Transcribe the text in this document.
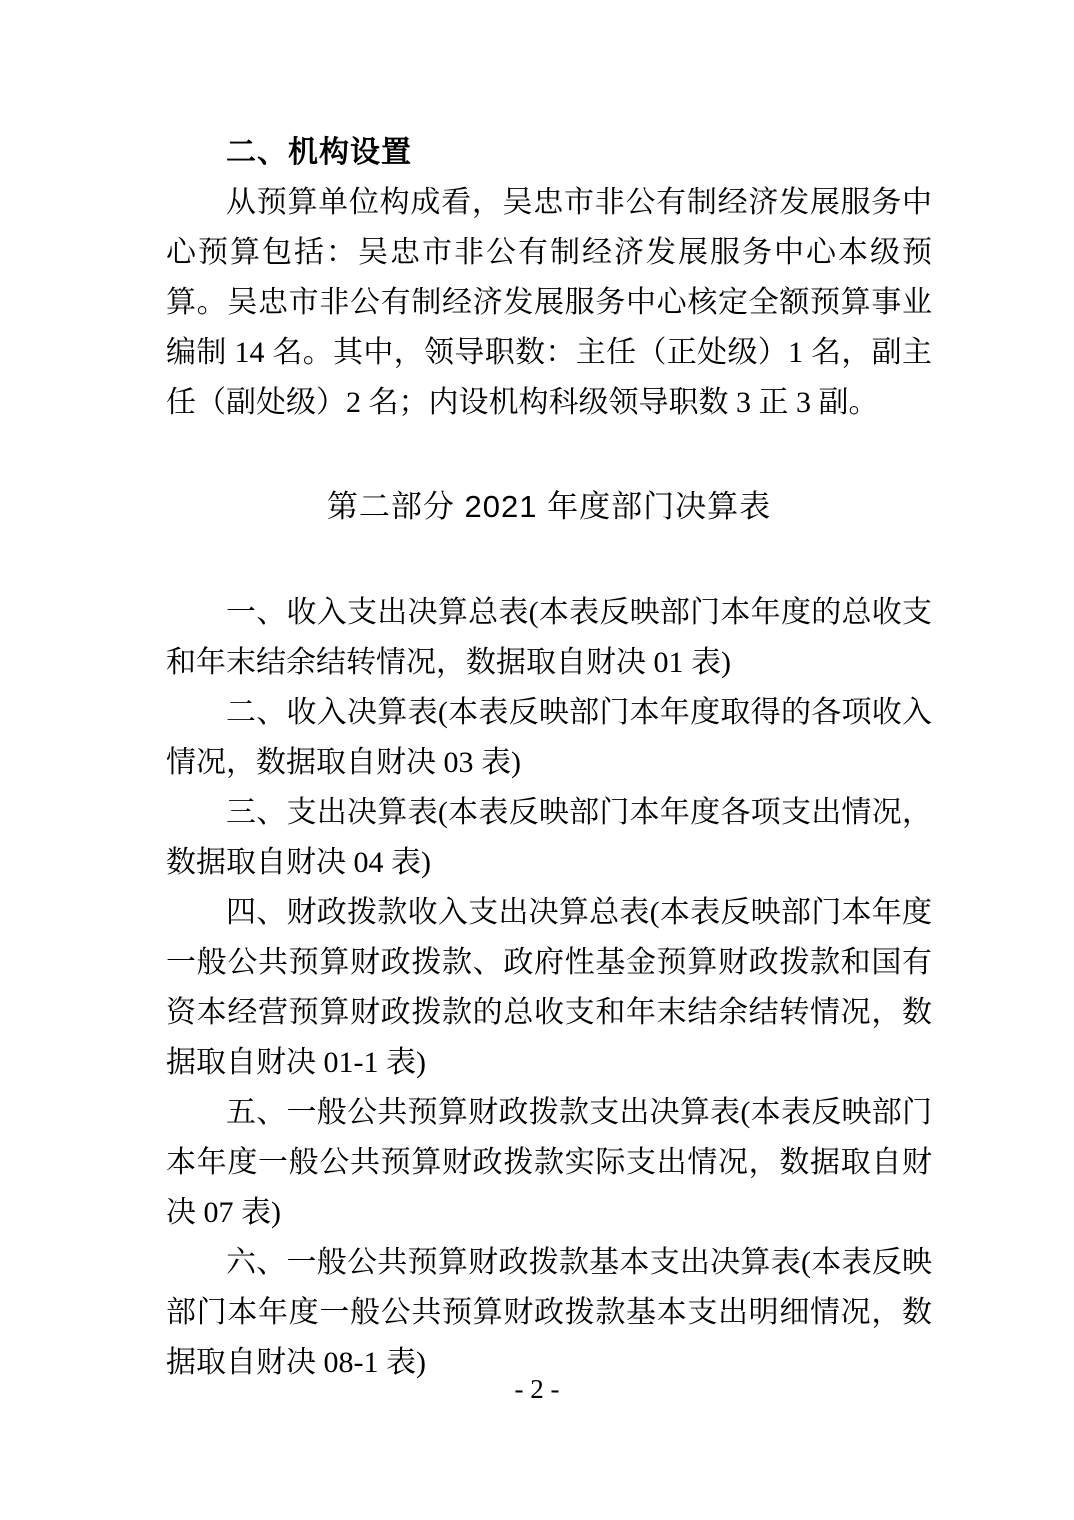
二、机构设置

从预算单位构成看，吴忠市非公有制经济发展服务中心预算包括：吴忠市非公有制经济发展服务中心本级预算。吴忠市非公有制经济发展服务中心核定全额预算事业编制 14 名。其中，领导职数：主任（正处级）1 名，副主任（副处级）2 名；内设机构科级领导职数 3 正 3 副。

第二部分 2021 年度部门决算表

一、收入支出决算总表(本表反映部门本年度的总收支和年末结余结转情况，数据取自财决 01 表)

二、收入决算表(本表反映部门本年度取得的各项收入情况，数据取自财决 03 表)

三、支出决算表(本表反映部门本年度各项支出情况，数据取自财决 04 表)

四、财政拨款收入支出决算总表(本表反映部门本年度一般公共预算财政拨款、政府性基金预算财政拨款和国有资本经营预算财政拨款的总收支和年末结余结转情况，数据取自财决 01-1 表)

五、一般公共预算财政拨款支出决算表(本表反映部门本年度一般公共预算财政拨款实际支出情况，数据取自财决 07 表)

六、一般公共预算财政拨款基本支出决算表(本表反映部门本年度一般公共预算财政拨款基本支出明细情况，数据取自财决 08-1 表)

- 2 -
